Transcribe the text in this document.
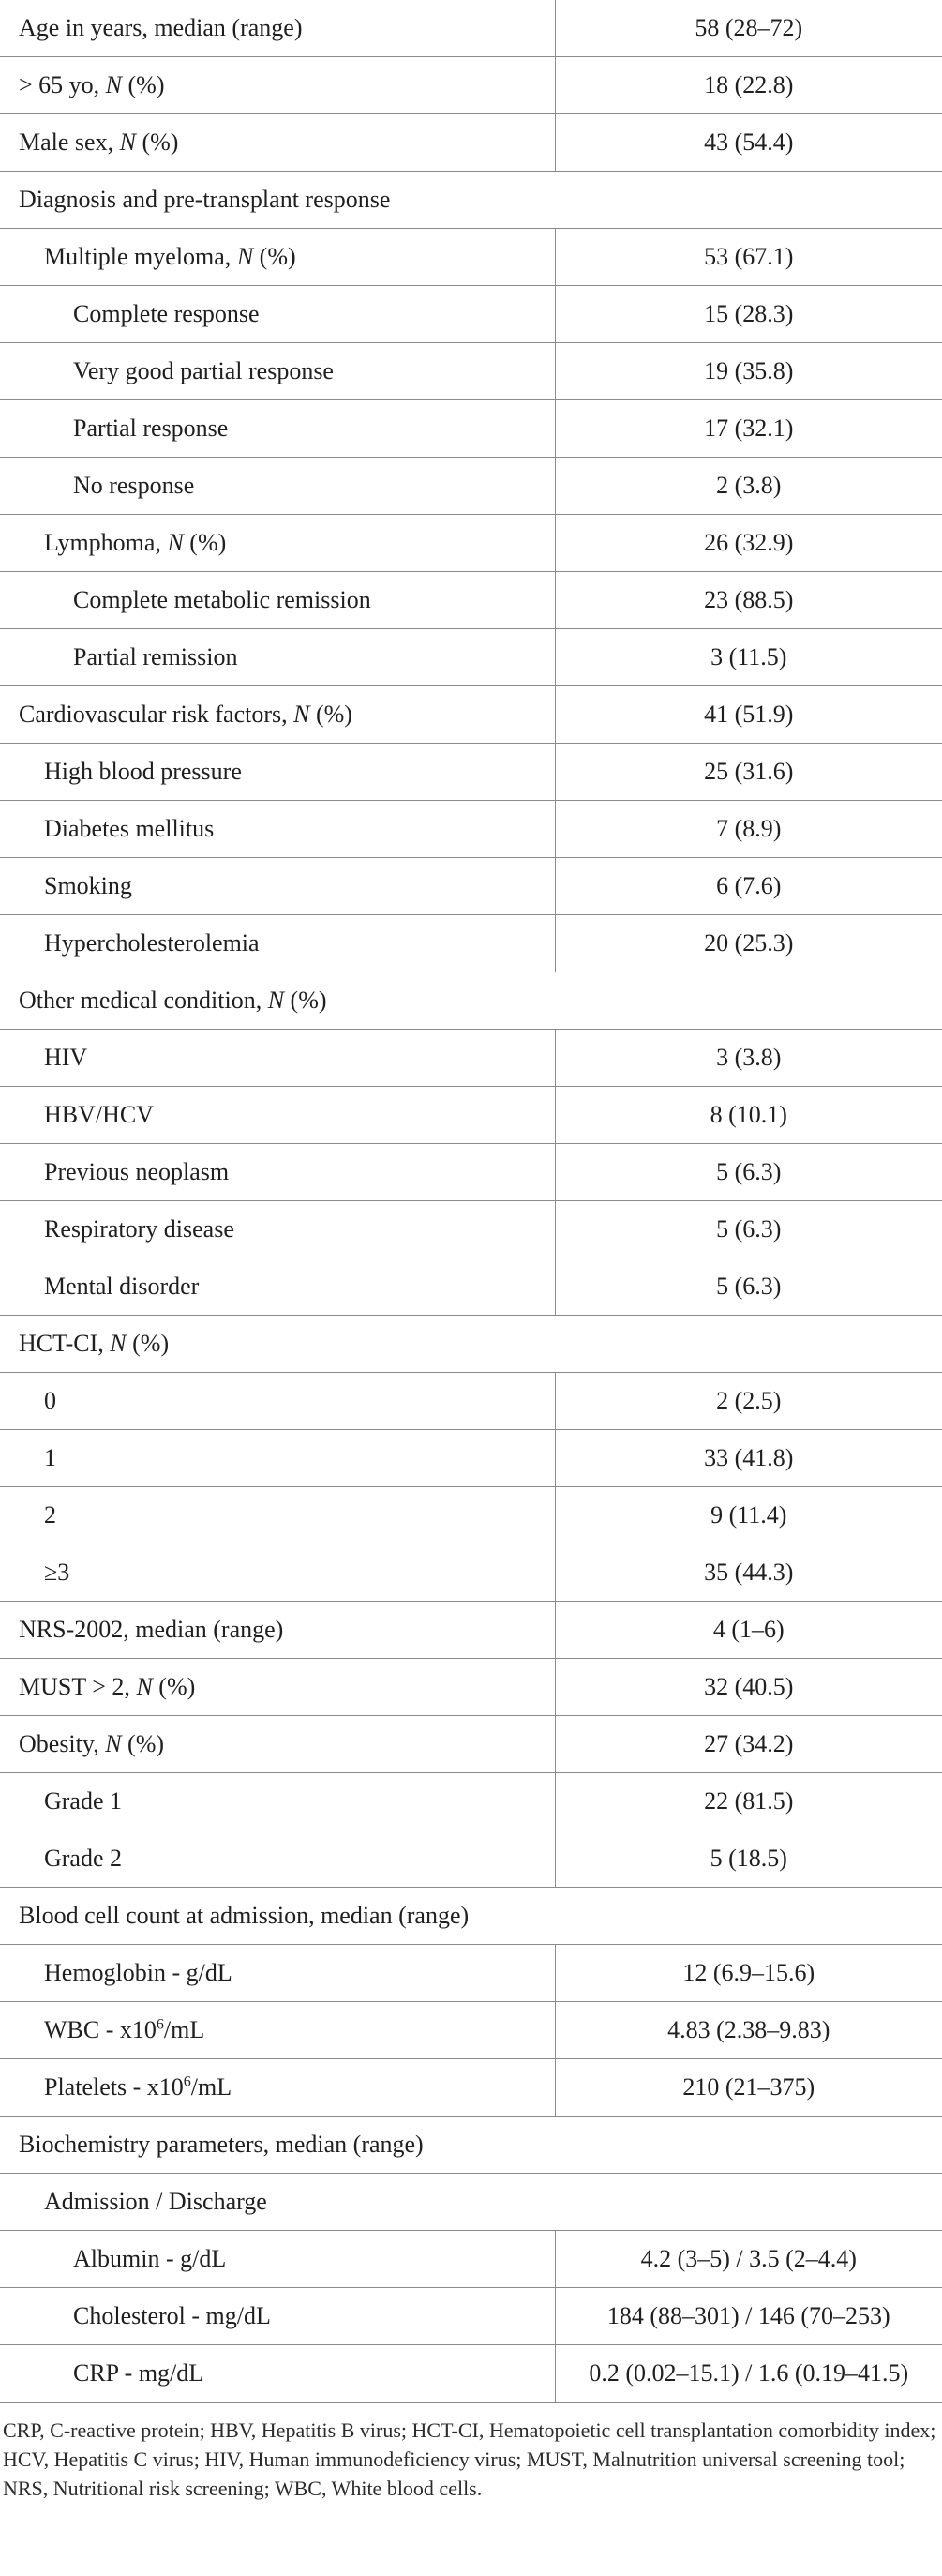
Age in years, median (range)	58 (28–72)
> 65 yo, N (%)	18 (22.8)
Male sex, N (%)	43 (54.4)
Diagnosis and pre-transplant response	
Multiple myeloma, N (%)	53 (67.1)
Complete response	15 (28.3)
Very good partial response	19 (35.8)
Partial response	17 (32.1)
No response	2 (3.8)
Lymphoma, N (%)	26 (32.9)
Complete metabolic remission	23 (88.5)
Partial remission	3 (11.5)
Cardiovascular risk factors, N (%)	41 (51.9)
High blood pressure	25 (31.6)
Diabetes mellitus	7 (8.9)
Smoking	6 (7.6)
Hypercholesterolemia	20 (25.3)
Other medical condition, N (%)	
HIV	3 (3.8)
HBV/HCV	8 (10.1)
Previous neoplasm	5 (6.3)
Respiratory disease	5 (6.3)
Mental disorder	5 (6.3)
HCT-CI, N (%)	
0	2 (2.5)
1	33 (41.8)
2	9 (11.4)
≥3	35 (44.3)
NRS-2002, median (range)	4 (1–6)
MUST > 2, N (%)	32 (40.5)
Obesity, N (%)	27 (34.2)
Grade 1	22 (81.5)
Grade 2	5 (18.5)
Blood cell count at admission, median (range)	
Hemoglobin - g/dL	12 (6.9–15.6)
WBC - $x10^6/mL$	4.83 (2.38–9.83)
Platelets - $x10^6/mL$	210 (21–375)
Biochemistry parameters, median (range)	
Admission / Discharge	
Albumin - g/dL	4.2 (3–5) / 3.5 (2–4.4)
Cholesterol - mg/dL	184 (88–301) / 146 (70–253)
CRP - mg/dL	0.2 (0.02–15.1) / 1.6 (0.19–41.5)
CRP, C-reactive protein; HBV, Hepatitis B virus; HCT-CI, Hematopoietic cell transplantation comorbidity index; HCV, Hepatitis C virus; HIV, Human immunodeficiency virus; MUST, Malnutrition universal screening tool; NRS, Nutritional risk screening; WBC, White blood cells.
